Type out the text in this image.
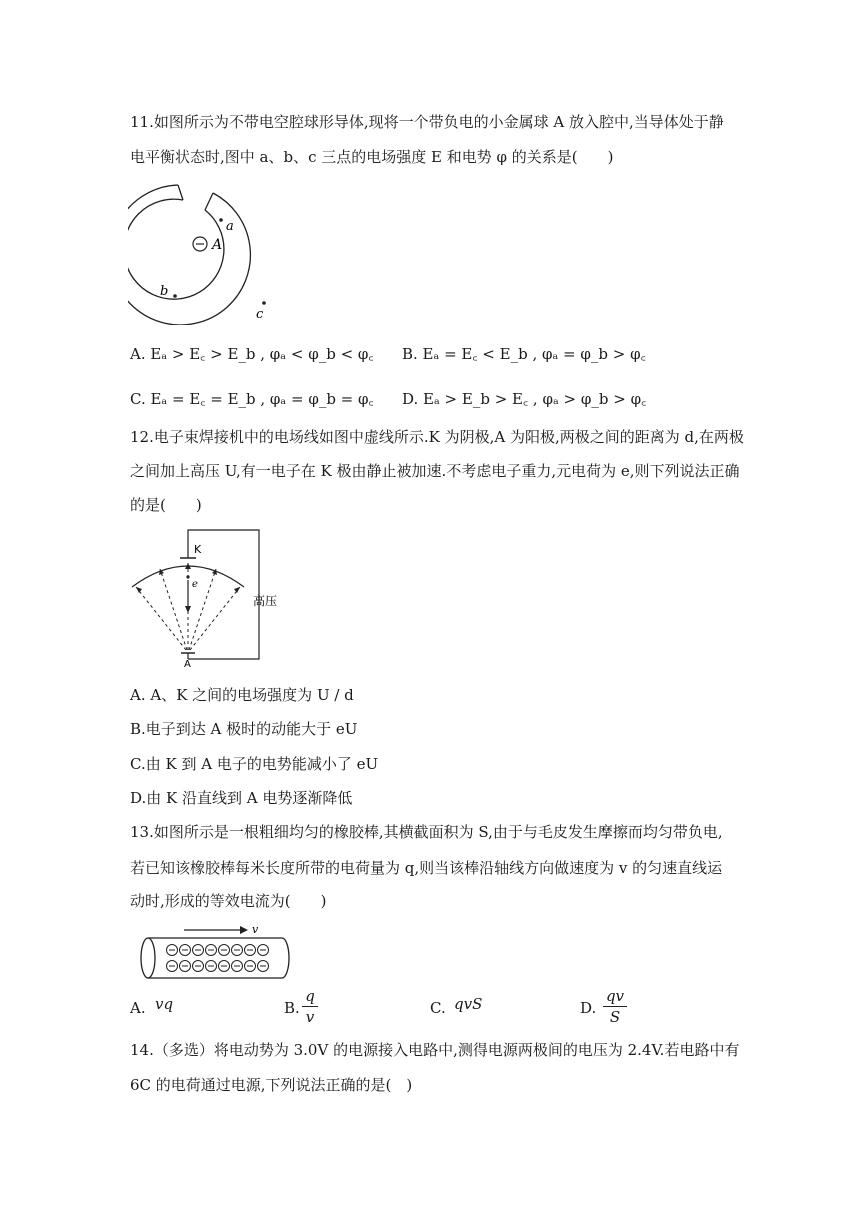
11.如图所示为不带电空腔球形导体,现将一个带负电的小金属球 A 放入腔中,当导体处于静
电平衡状态时,图中 a、b、c 三点的电场强度 E 和电势 φ 的关系是(　　)
A
a
b
c
A. Eₐ > E꜀ > E_b , φₐ < φ_b < φ꜀ B. Eₐ = E꜀ < E_b , φₐ = φ_b > φ꜀
C. Eₐ = E꜀ = E_b , φₐ = φ_b = φ꜀ D. Eₐ > E_b > E꜀ , φₐ > φ_b > φ꜀
12.电子束焊接机中的电场线如图中虚线所示.K 为阴极,A 为阳极,两极之间的距离为 d,在两极
之间加上高压 U,有一电子在 K 极由静止被加速.不考虑电子重力,元电荷为 e,则下列说法正确
的是(　　)
K
高压
A
e
A. A、K 之间的电场强度为 U / d
B.电子到达 A 极时的动能大于 eU
C.由 K 到 A 电子的电势能减小了 eU
D.由 K 沿直线到 A 电势逐渐降低
13.如图所示是一根粗细均匀的橡胶棒,其横截面积为 S,由于与毛皮发生摩擦而均匀带负电,
若已知该橡胶棒每米长度所带的电荷量为 q,则当该棒沿轴线方向做速度为 v 的匀速直线运
动时,形成的等效电流为(　　)
v
A. vq	B.
q
v	C. qvS	D.
qv
S
14.（多选）将电动势为 3.0V 的电源接入电路中,测得电源两极间的电压为 2.4V.若电路中有
6C 的电荷通过电源,下列说法正确的是(　)
